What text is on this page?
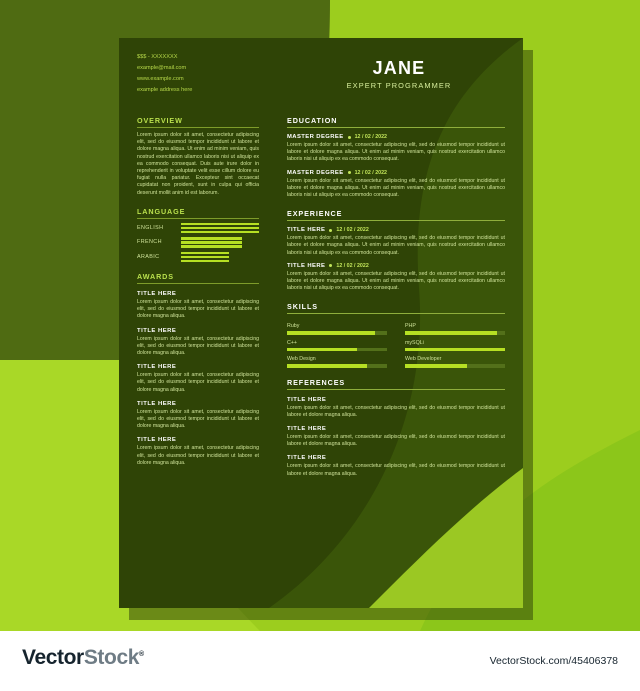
$$$ - XXXXXXX
example@mail.com
www.example.com
example address here
JANE
EXPERT PROGRAMMER
OVERVIEW
Lorem ipsum dolor sit amet, consectetur adipiscing elit, sed do eiusmod tempor incididunt ut labore et dolore magna aliqua. Ut enim ad minim veniam, quis nostrud exercitation ullamco laboris nisi ut aliquip ex ea commodo consequat. Duis aute irure dolor in reprehenderit in voluptate velit esse cillum dolore eu fugiat nulla pariatur. Excepteur sint occaecat cupidatat non proident, sunt in culpa qui officia deserunt mollit anim id est laborum.
LANGUAGE
ENGLISH
FRENCH
ARABIC
AWARDS
TITLE HERE
Lorem ipsum dolor sit amet, consectetur adipiscing elit, sed do eiusmod tempor incididunt ut labore et dolore magna aliqua.
TITLE HERE
Lorem ipsum dolor sit amet, consectetur adipiscing elit, sed do eiusmod tempor incididunt ut labore et dolore magna aliqua.
TITLE HERE
Lorem ipsum dolor sit amet, consectetur adipiscing elit, sed do eiusmod tempor incididunt ut labore et dolore magna aliqua.
TITLE HERE
Lorem ipsum dolor sit amet, consectetur adipiscing elit, sed do eiusmod tempor incididunt ut labore et dolore magna aliqua.
TITLE HERE
Lorem ipsum dolor sit amet, consectetur adipiscing elit, sed do eiusmod tempor incididunt ut labore et dolore magna aliqua.
EDUCATION
MASTER DEGREE 12 / 02 / 2022
Lorem ipsum dolor sit amet, consectetur adipiscing elit, sed do eiusmod tempor incididunt ut labore et dolore magna aliqua. Ut enim ad minim veniam, quis nostrud exercitation ullamco laboris nisi ut aliquip ex ea commodo consequat.
MASTER DEGREE 12 / 02 / 2022
Lorem ipsum dolor sit amet, consectetur adipiscing elit, sed do eiusmod tempor incididunt ut labore et dolore magna aliqua. Ut enim ad minim veniam, quis nostrud exercitation ullamco laboris nisi ut aliquip ex ea commodo consequat.
EXPERIENCE
TITLE HERE 12 / 02 / 2022
Lorem ipsum dolor sit amet, consectetur adipiscing elit, sed do eiusmod tempor incididunt ut labore et dolore magna aliqua. Ut enim ad minim veniam, quis nostrud exercitation ullamco laboris nisi ut aliquip ex ea commodo consequat.
TITLE HERE 12 / 02 / 2022
Lorem ipsum dolor sit amet, consectetur adipiscing elit, sed do eiusmod tempor incididunt ut labore et dolore magna aliqua. Ut enim ad minim veniam, quis nostrud exercitation ullamco laboris nisi ut aliquip ex ea commodo consequat.
SKILLS
Ruby
C++
Web Design
PHP
mySQLi
Web Developer
REFERENCES
TITLE HERE
Lorem ipsum dolor sit amet, consectetur adipiscing elit, sed do eiusmod tempor incididunt ut labore et dolore magna aliqua.
TITLE HERE
Lorem ipsum dolor sit amet, consectetur adipiscing elit, sed do eiusmod tempor incididunt ut labore et dolore magna aliqua.
TITLE HERE
Lorem ipsum dolor sit amet, consectetur adipiscing elit, sed do eiusmod tempor incididunt ut labore et dolore magna aliqua.
VectorStock®
VectorStock.com/45406378
